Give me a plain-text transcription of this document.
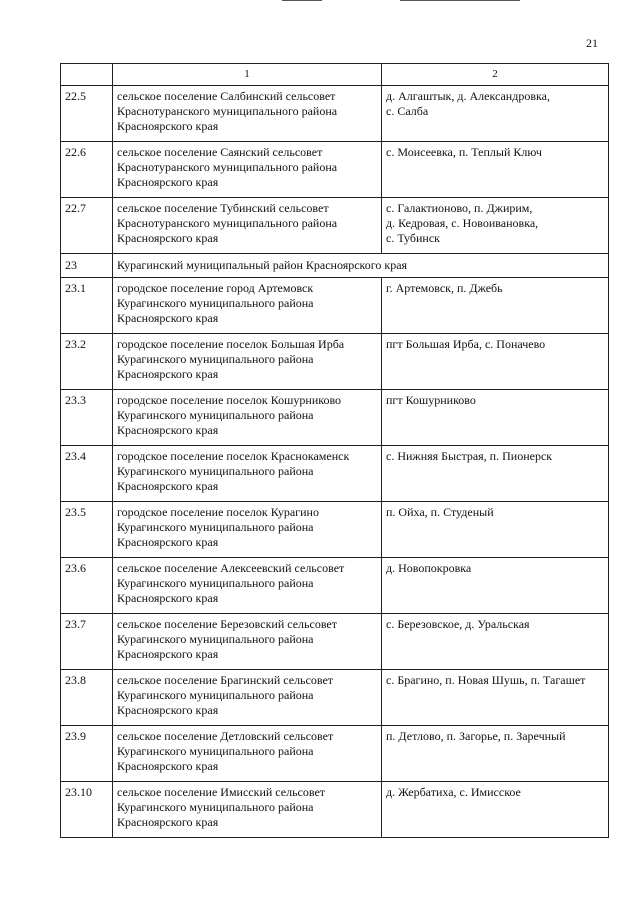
21
	1	2
22.5	сельское поселение Салбинский сельсовет
Краснотуранского муниципального района
Красноярского края	д. Алгаштык, д. Александровка,
с. Салба

22.6	сельское поселение Саянский сельсовет
Краснотуранского муниципального района
Красноярского края	с. Моисеевка, п. Теплый Ключ

22.7	сельское поселение Тубинский сельсовет
Краснотуранского муниципального района
Красноярского края	с. Галактионово, п. Джирим,
д. Кедровая, с. Новоивановка,
с. Тубинск

23	Курагинский муниципальный район Красноярского края	

23.1	городское поселение город Артемовск
Курагинского муниципального района
Красноярского края	г. Артемовск, п. Джебь

23.2	городское поселение поселок Большая Ирба
Курагинского муниципального района
Красноярского края	пгт Большая Ирба, с. Поначево

23.3	городское поселение поселок Кошурниково
Курагинского муниципального района
Красноярского края	пгт Кошурниково

23.4	городское поселение поселок Краснокаменск
Курагинского муниципального района
Красноярского края	с. Нижняя Быстрая, п. Пионерск

23.5	городское поселение поселок Курагино
Курагинского муниципального района
Красноярского края	п. Ойха, п. Студеный

23.6	сельское поселение Алексеевский сельсовет
Курагинского муниципального района
Красноярского края	д. Новопокровка

23.7	сельское поселение Березовский сельсовет
Курагинского муниципального района
Красноярского края	с. Березовское, д. Уральская

23.8	сельское поселение Брагинский сельсовет
Курагинского муниципального района
Красноярского края	с. Брагино, п. Новая Шушь, п. Тагашет

23.9	сельское поселение Детловский сельсовет
Курагинского муниципального района
Красноярского края	п. Детлово, п. Загорье, п. Заречный

23.10	сельское поселение Имисский сельсовет
Курагинского муниципального района
Красноярского края	д. Жербатиха, с. Имисское
